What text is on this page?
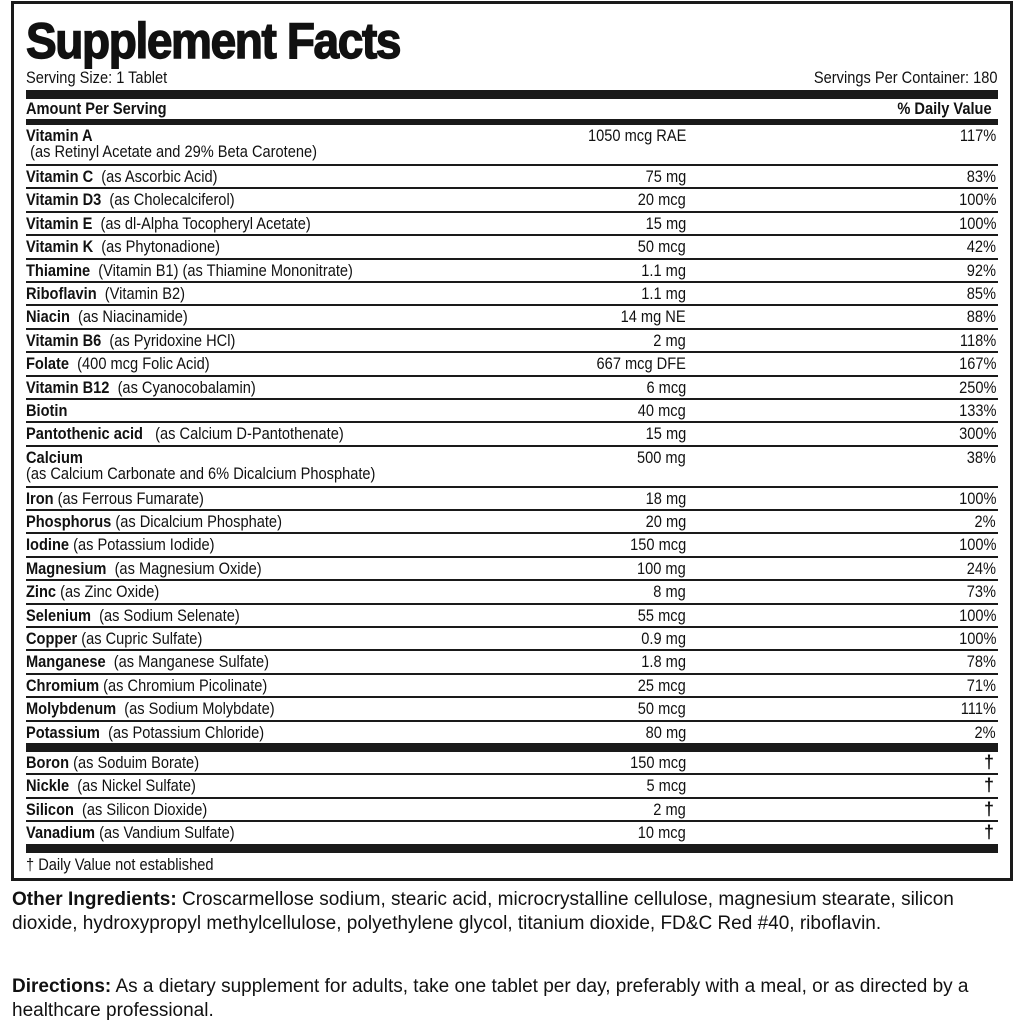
Supplement Facts
Serving Size: 1 Tablet	Servings Per Container: 180
Amount Per Serving	% Daily Value
Vitamin A
(as Retinyl Acetate and 29% Beta Carotene)
1050 mcg RAE	117%
Vitamin C (as Ascorbic Acid)	75 mg	83%
Vitamin D3 (as Cholecalciferol)	20 mcg	100%
Vitamin E (as dl-Alpha Tocopheryl Acetate)	15 mg	100%
Vitamin K (as Phytonadione)	50 mcg	42%
Thiamine (Vitamin B1) (as Thiamine Mononitrate)	1.1 mg	92%
Riboflavin (Vitamin B2)	1.1 mg	85%
Niacin (as Niacinamide)	14 mg NE	88%
Vitamin B6 (as Pyridoxine HCl)	2 mg	118%
Folate (400 mcg Folic Acid)	667 mcg DFE	167%
Vitamin B12 (as Cyanocobalamin)	6 mcg	250%
Biotin	40 mcg	133%
Pantothenic acid (as Calcium D-Pantothenate)	15 mg	300%
Calcium
(as Calcium Carbonate and 6% Dicalcium Phosphate)
500 mg	38%
Iron (as Ferrous Fumarate)	18 mg	100%
Phosphorus (as Dicalcium Phosphate)	20 mg	2%
Iodine (as Potassium Iodide)	150 mcg	100%
Magnesium (as Magnesium Oxide)	100 mg	24%
Zinc (as Zinc Oxide)	8 mg	73%
Selenium (as Sodium Selenate)	55 mcg	100%
Copper (as Cupric Sulfate)	0.9 mg	100%
Manganese (as Manganese Sulfate)	1.8 mg	78%
Chromium (as Chromium Picolinate)	25 mcg	71%
Molybdenum (as Sodium Molybdate)	50 mcg	111%
Potassium (as Potassium Chloride)	80 mg	2%
Boron (as Soduim Borate)	150 mcg	†
Nickle (as Nickel Sulfate)	5 mcg	†
Silicon (as Silicon Dioxide)	2 mg	†
Vanadium (as Vandium Sulfate)	10 mcg	†
† Daily Value not established
Other Ingredients: Croscarmellose sodium, stearic acid, microcrystalline cellulose, magnesium stearate, silicon dioxide, hydroxypropyl methylcellulose, polyethylene glycol, titanium dioxide, FD&C Red #40, riboflavin.
Directions: As a dietary supplement for adults, take one tablet per day, preferably with a meal, or as directed by a healthcare professional.
